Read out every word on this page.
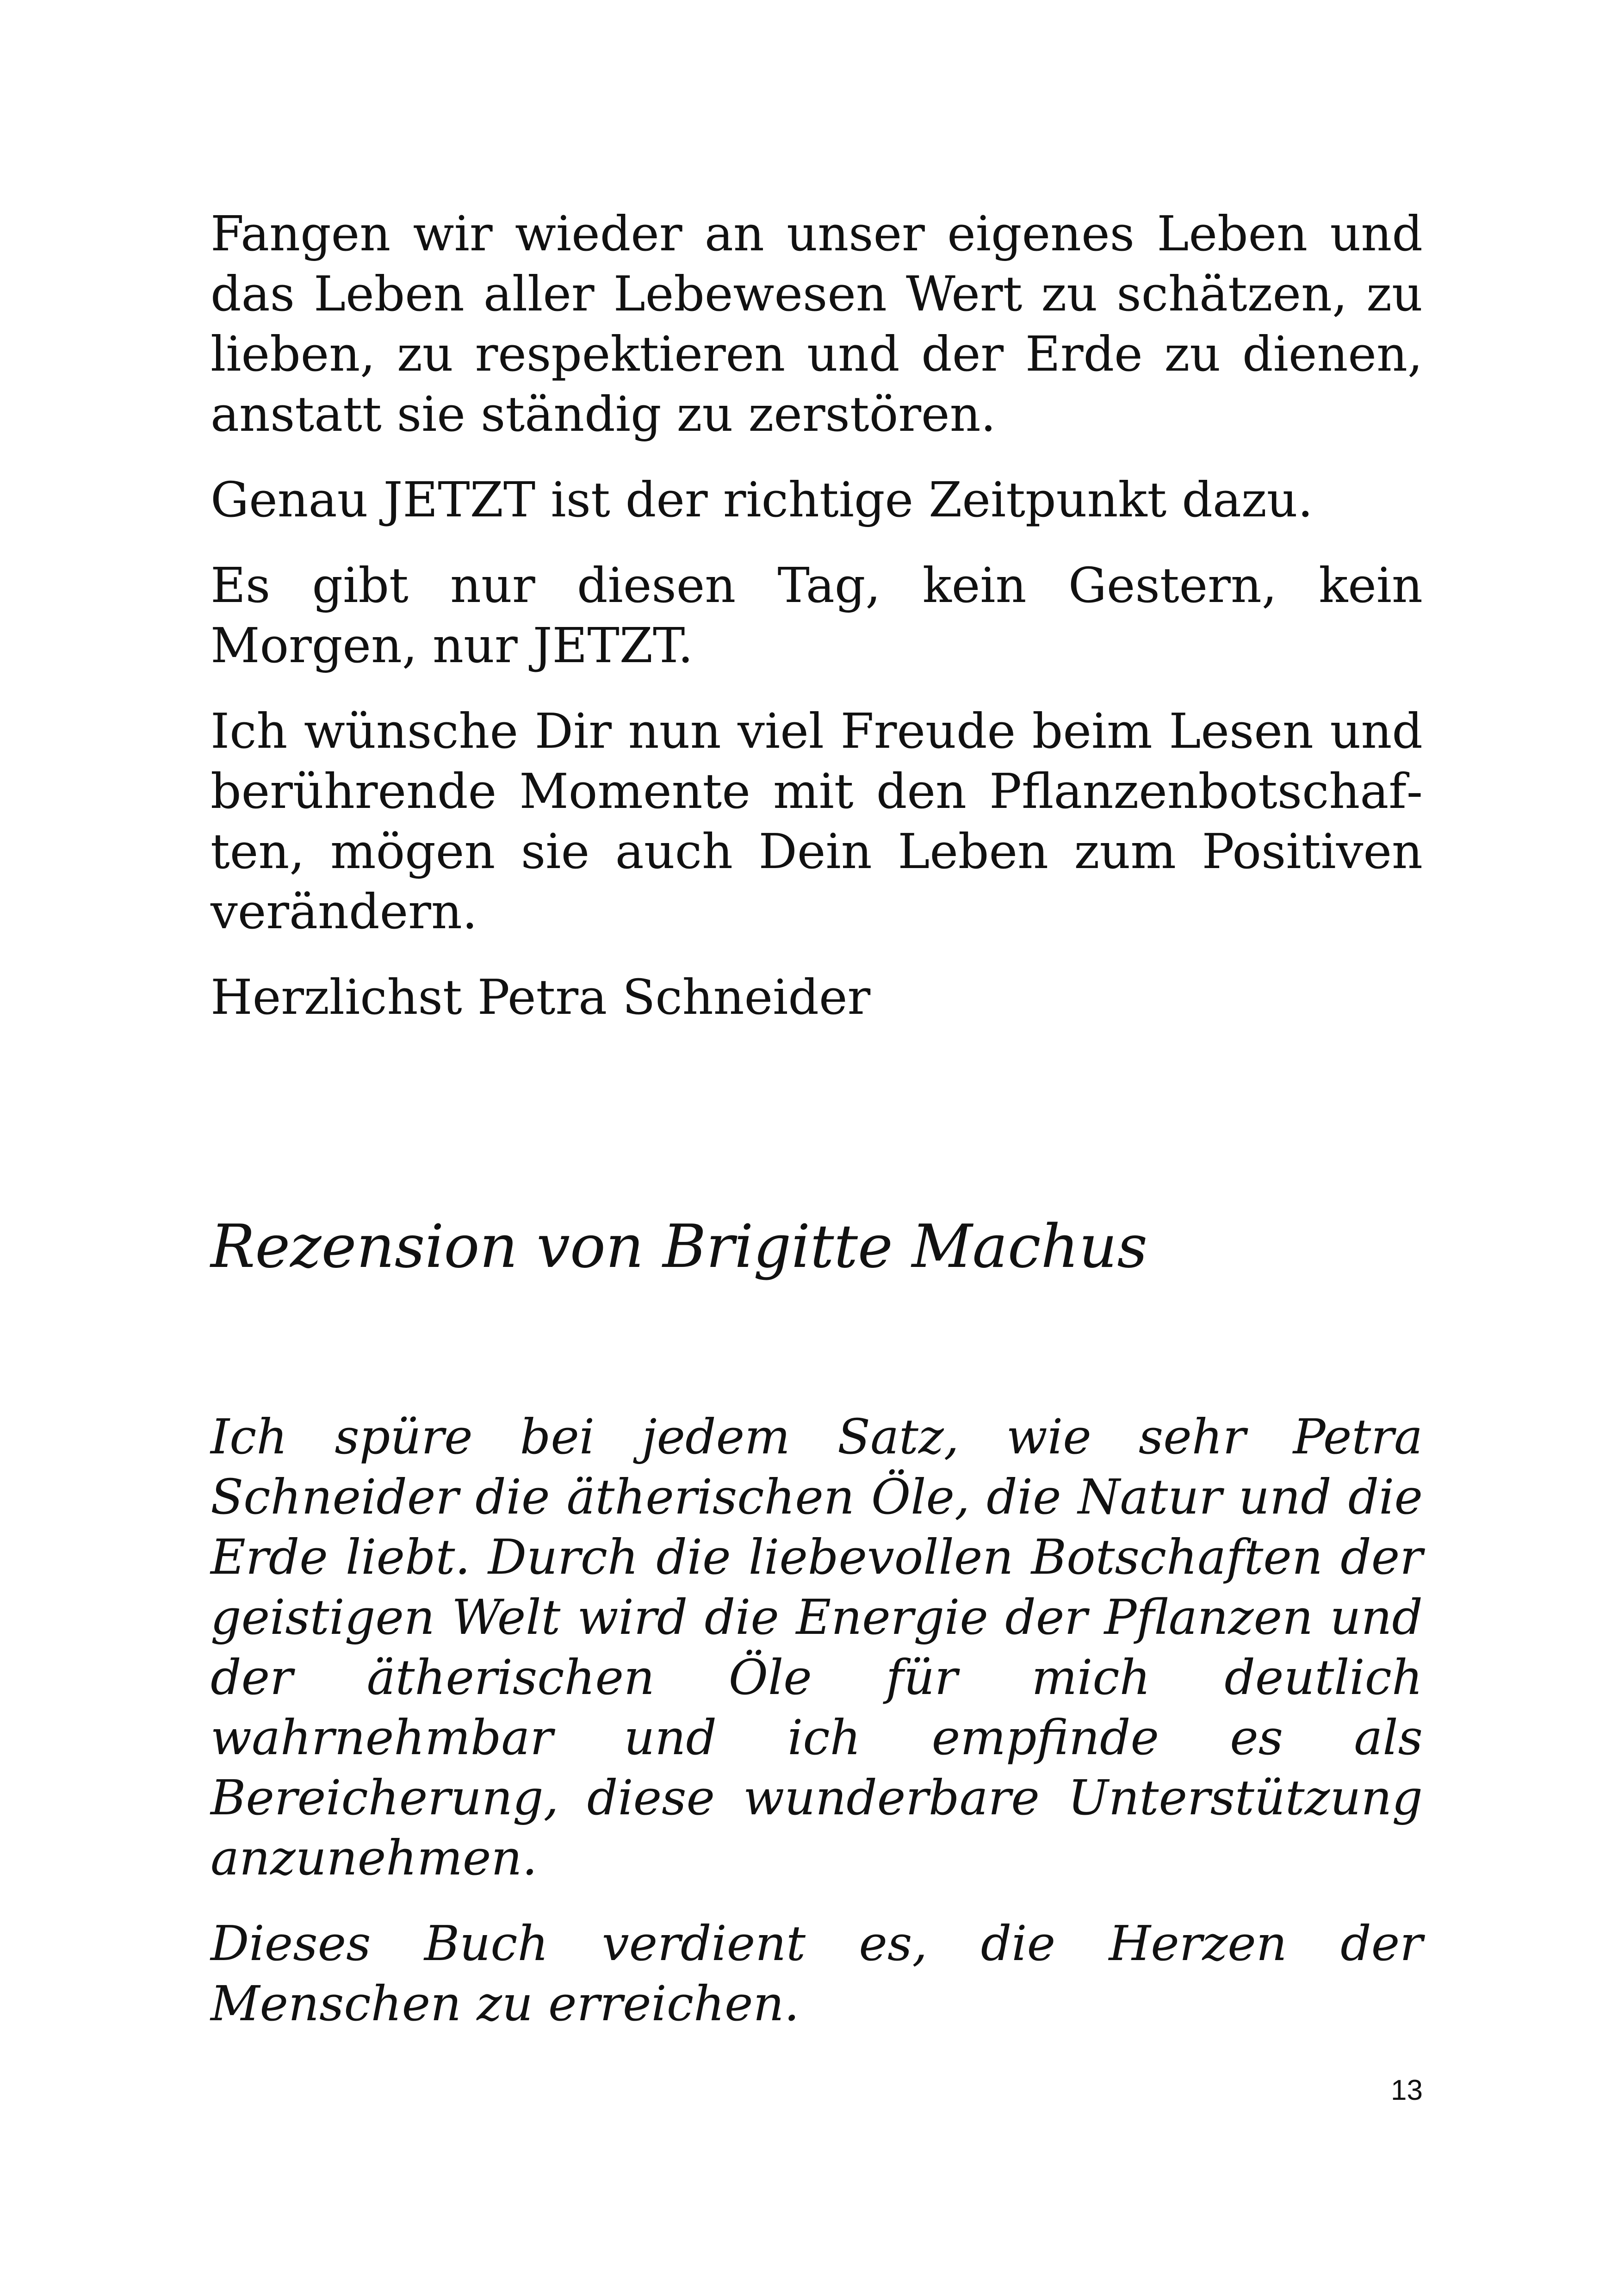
Fangen wir wieder an unser eigenes Leben und das Leben aller Lebewesen Wert zu schätzen, zu lieben, zu respektieren und der Erde zu dienen, anstatt sie ständig zu zerstören.

Genau JETZT ist der richtige Zeitpunkt dazu.

Es gibt nur diesen Tag, kein Gestern, kein Morgen, nur JETZT.

Ich wünsche Dir nun viel Freude beim Lesen und berührende Momente mit den Pflanzenbotschaften, mögen sie auch Dein Leben zum Positiven verändern.

Herzlichst Petra Schneider

Rezension von Brigitte Machus

Ich spüre bei jedem Satz, wie sehr Petra Schneider die ätherischen Öle, die Natur und die Erde liebt. Durch die liebevollen Botschaften der geistigen Welt wird die Energie der Pflanzen und der ätherischen Öle für mich deutlich wahrnehmbar und ich empfinde es als Bereicherung, diese wunderbare Unterstützung anzunehmen.

Dieses Buch verdient es, die Herzen der Menschen zu erreichen.

13
